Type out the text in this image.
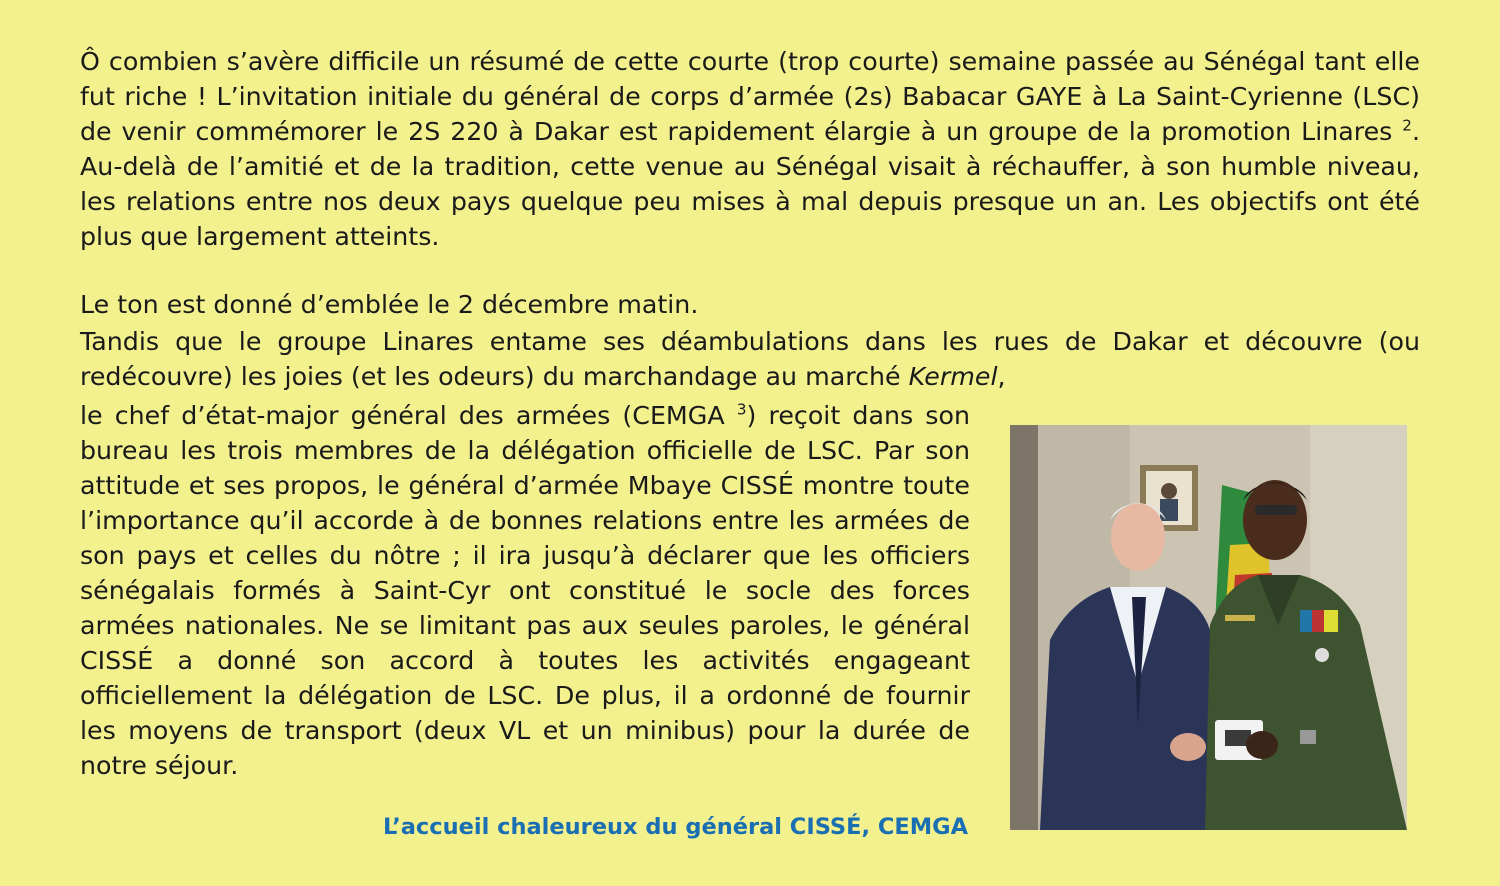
Ô combien s’avère difficile un résumé de cette courte (trop courte) semaine passée au Sénégal tant elle fut riche ! L’invitation initiale du général de corps d’armée (2s) Babacar GAYE à La Saint-Cyrienne (LSC) de venir commémorer le 2S 220 à Dakar est rapidement élargie à un groupe de la promotion Linares $^2$. Au-delà de l’amitié et de la tradition, cette venue au Sénégal visait à réchauffer, à son humble niveau, les relations entre nos deux pays quelque peu mises à mal depuis presque un an. Les objectifs ont été plus que largement atteints.

Le ton est donné d’emblée le 2 décembre matin.

Tandis que le groupe Linares entame ses déambulations dans les rues de Dakar et découvre (ou redécouvre) les joies (et les odeurs) du marchandage au marché Kermel,

le chef d’état-major général des armées (CEMGA $^3$) reçoit dans son bureau les trois membres de la délégation officielle de LSC. Par son attitude et ses propos, le général d’armée Mbaye CISSÉ montre toute l’importance qu’il accorde à de bonnes relations entre les armées de son pays et celles du nôtre ; il ira jusqu’à déclarer que les officiers sénégalais formés à Saint-Cyr ont constitué le socle des forces armées nationales. Ne se limitant pas aux seules paroles, le général CISSÉ a donné son accord à toutes les activités engageant officiellement la délégation de LSC. De plus, il a ordonné de fournir les moyens de transport (deux VL et un minibus) pour la durée de notre séjour.

L’accueil chaleureux du général CISSÉ, CEMGA
